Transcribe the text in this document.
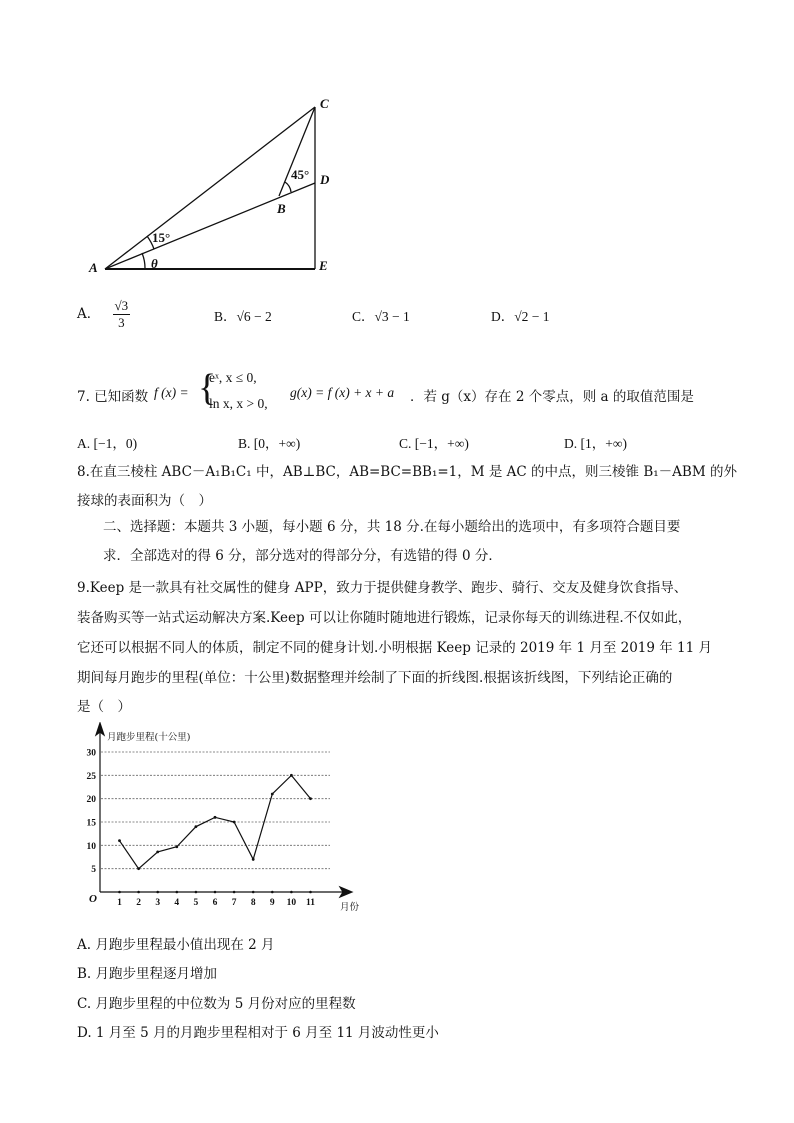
C
D
B
A	E
15°
45°
θ
A． $\frac{√3}{3}$	B．√6 − 2	C．√3 − 1	D．√2 − 1
7. 已知函数 f (x) = {
eˣ, x ≤ 0,
ln x, x > 0,
g(x) = f (x) + x + a ．若 g（x）存在 2 个零点，则 a 的取值范围是
A. [−1，0)	B. [0，+∞)	C. [−1，+∞)	D. [1，+∞)
8.在直三棱柱 ABC－A₁B₁C₁ 中，AB⊥BC，AB=BC=BB₁=1，M 是 AC 的中点，则三棱锥 B₁－ABM 的外
接球的表面积为（　）
二、选择题：本题共 3 小题，每小题 6 分，共 18 分.在每小题给出的选项中，有多项符合题目要
求．全部选对的得 6 分，部分选对的得部分分，有选错的得 0 分．
9.Keep 是一款具有社交属性的健身 APP，致力于提供健身教学、跑步、骑行、交友及健身饮食指导、
装备购买等一站式运动解决方案.Keep 可以让你随时随地进行锻炼，记录你每天的训练进程.不仅如此，
它还可以根据不同人的体质，制定不同的健身计划.小明根据 Keep 记录的 2019 年 1 月至 2019 年 11 月
期间每月跑步的里程(单位：十公里)数据整理并绘制了下面的折线图.根据该折线图，下列结论正确的
是（　）
1 2 3 4 5 6 7 8 9 10 11
5
10
15
20
25
30
月跑步里程(十公里)
O
月份
A. 月跑步里程最小值出现在 2 月
B. 月跑步里程逐月增加
C. 月跑步里程的中位数为 5 月份对应的里程数
D. 1 月至 5 月的月跑步里程相对于 6 月至 11 月波动性更小
